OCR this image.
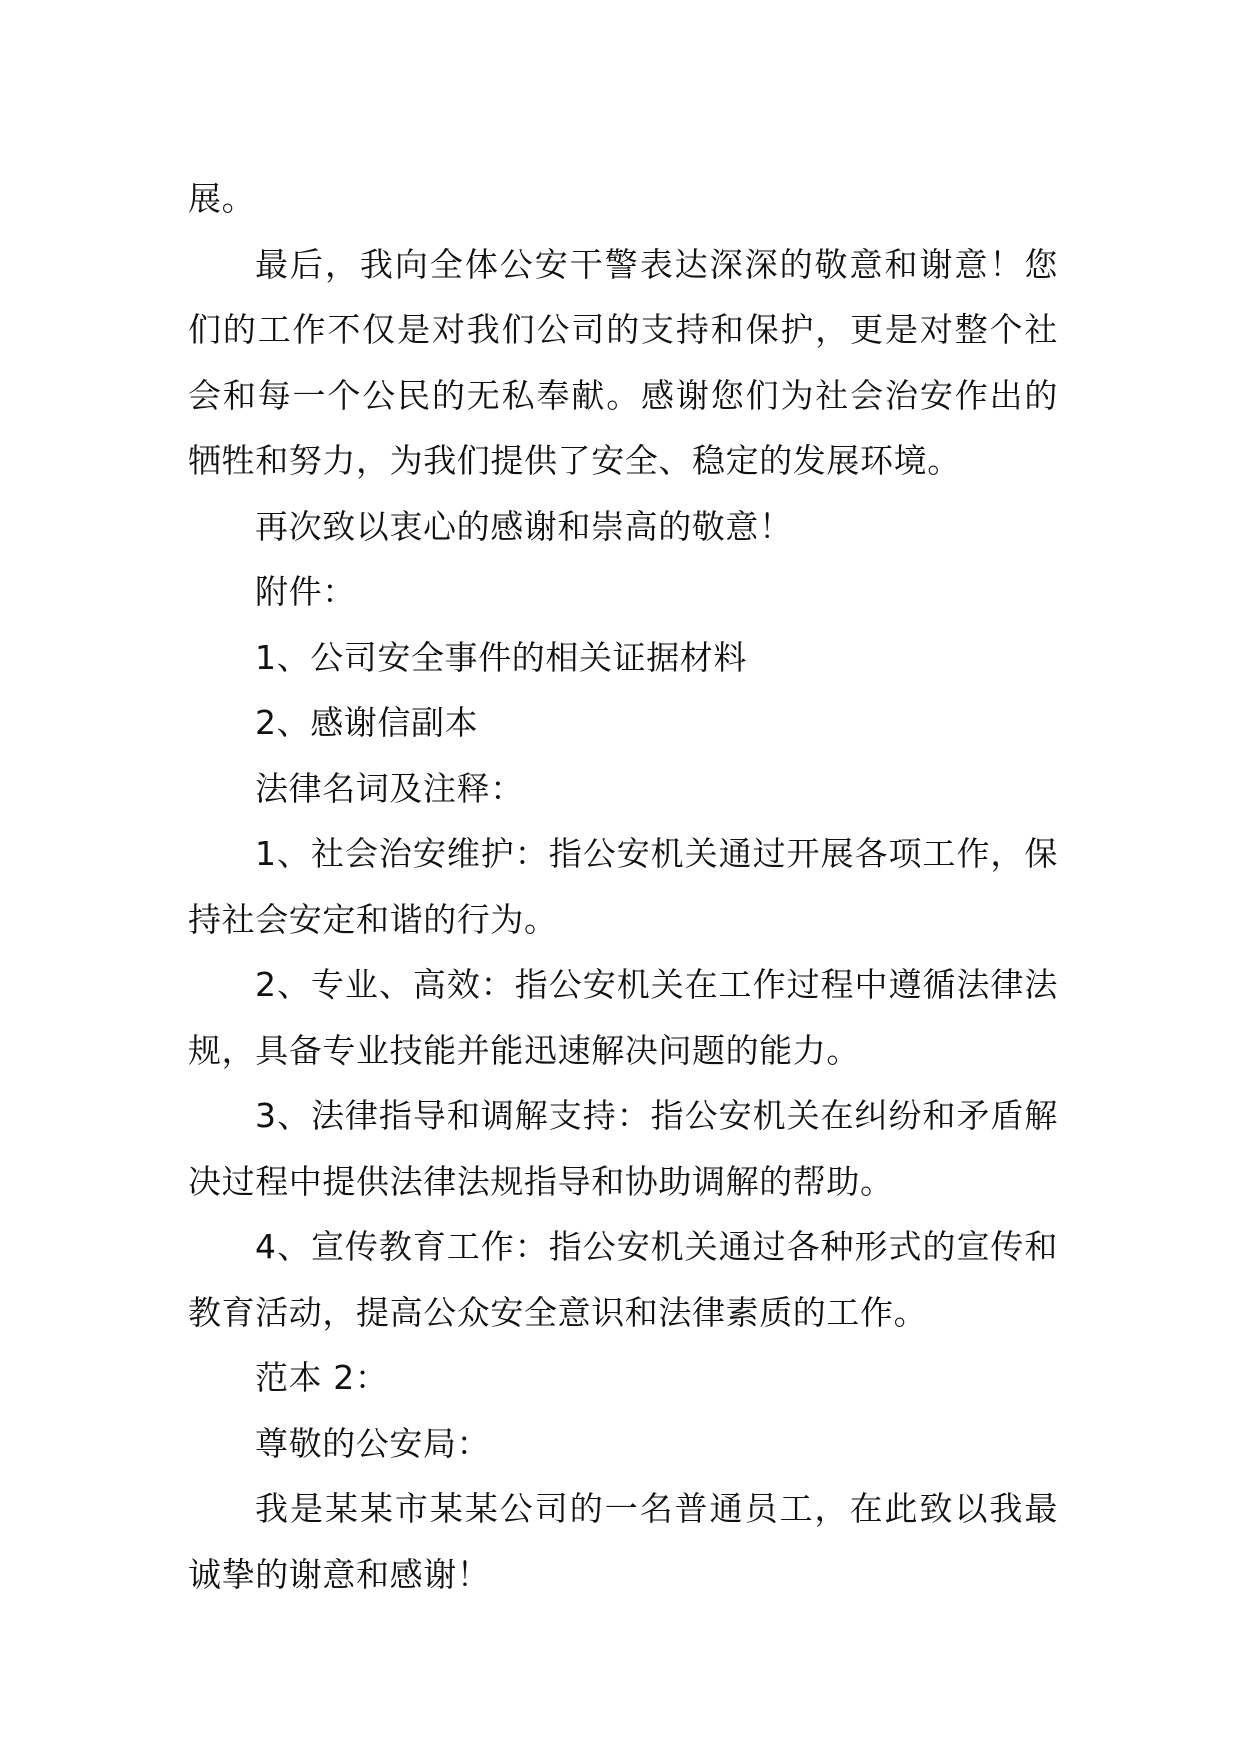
展。

最后，我向全体公安干警表达深深的敬意和谢意！您们的工作不仅是对我们公司的支持和保护，更是对整个社会和每一个公民的无私奉献。感谢您们为社会治安作出的牺牲和努力，为我们提供了安全、稳定的发展环境。

再次致以衷心的感谢和崇高的敬意！

附件：

1、公司安全事件的相关证据材料

2、感谢信副本

法律名词及注释：

1、社会治安维护：指公安机关通过开展各项工作，保持社会安定和谐的行为。

2、专业、高效：指公安机关在工作过程中遵循法律法规，具备专业技能并能迅速解决问题的能力。

3、法律指导和调解支持：指公安机关在纠纷和矛盾解决过程中提供法律法规指导和协助调解的帮助。

4、宣传教育工作：指公安机关通过各种形式的宣传和教育活动，提高公众安全意识和法律素质的工作。

范本 2：

尊敬的公安局：

我是某某市某某公司的一名普通员工，在此致以我最诚挚的谢意和感谢！
